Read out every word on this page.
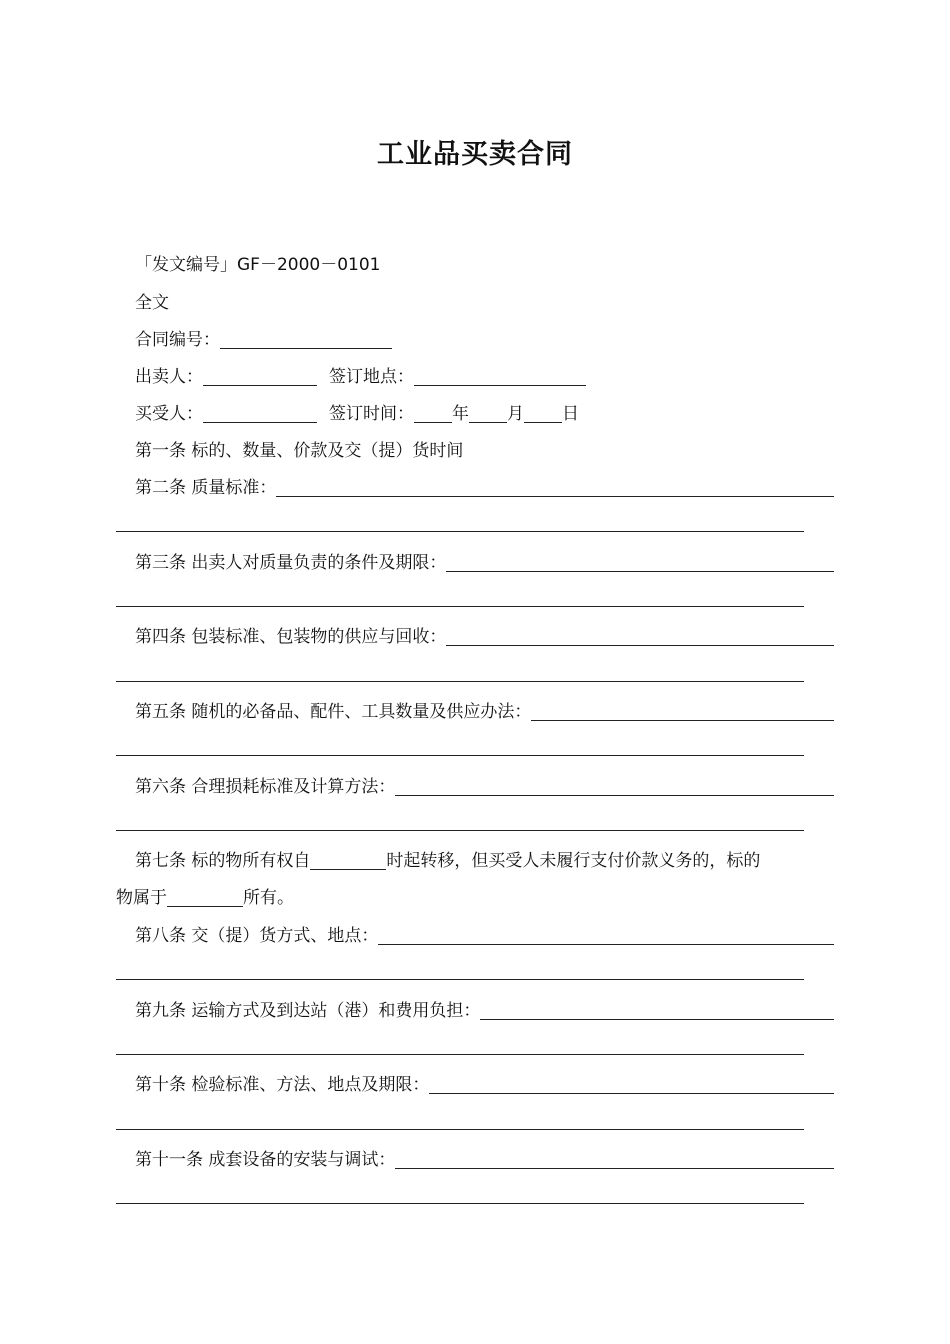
工业品买卖合同
「发文编号」GF－2000－0101
全文
合同编号：
出卖人：	签订地点：
买受人：	签订时间： 年 月 日
第一条 标的、数量、价款及交（提）货时间
第二条 质量标准：
第三条 出卖人对质量负责的条件及期限：
第四条 包装标准、包装物的供应与回收：
第五条 随机的必备品、配件、工具数量及供应办法：
第六条 合理损耗标准及计算方法：
第七条 标的物所有权自	时起转移，但买受人未履行支付价款义务的，标的
物属于	所有。
第八条 交（提）货方式、地点：
第九条 运输方式及到达站（港）和费用负担：
第十条 检验标准、方法、地点及期限：
第十一条 成套设备的安装与调试：
